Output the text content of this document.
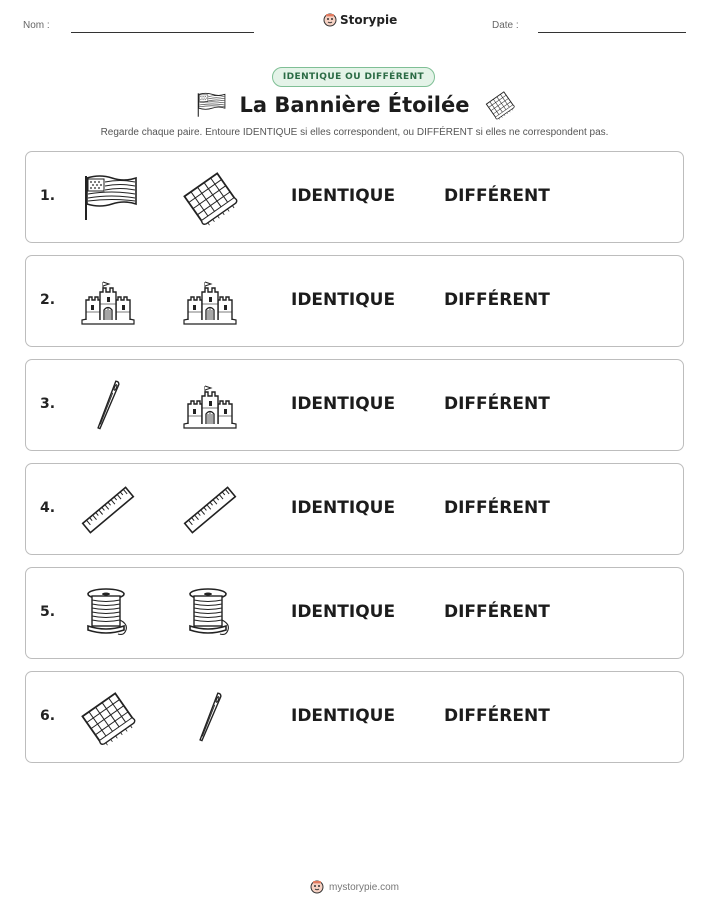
Nom :	Storypie	Date :
IDENTIQUE OU DIFFÉRENT
La Bannière Étoilée
Regarde chaque paire. Entoure IDENTIQUE si elles correspondent, ou DIFFÉRENT si elles ne correspondent pas.
1.	IDENTIQUE	DIFFÉRENT
2.	IDENTIQUE	DIFFÉRENT
3.	IDENTIQUE	DIFFÉRENT
4.	IDENTIQUE	DIFFÉRENT
5.	IDENTIQUE	DIFFÉRENT
6.	IDENTIQUE	DIFFÉRENT
mystorypie.com
